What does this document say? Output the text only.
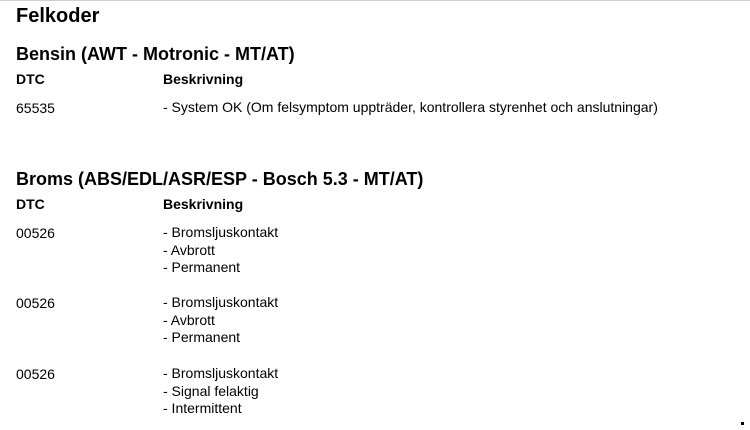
Felkoder
Bensin (AWT - Motronic - MT/AT)
DTC	Beskrivning
65535	- System OK (Om felsymptom uppträder, kontrollera styrenhet och anslutningar)
Broms (ABS/EDL/ASR/ESP - Bosch 5.3 - MT/AT)
DTC	Beskrivning
00526	- Bromsljuskontakt
- Avbrott
- Permanent
00526	- Bromsljuskontakt
- Avbrott
- Permanent
00526	- Bromsljuskontakt
- Signal felaktig
- Intermittent
